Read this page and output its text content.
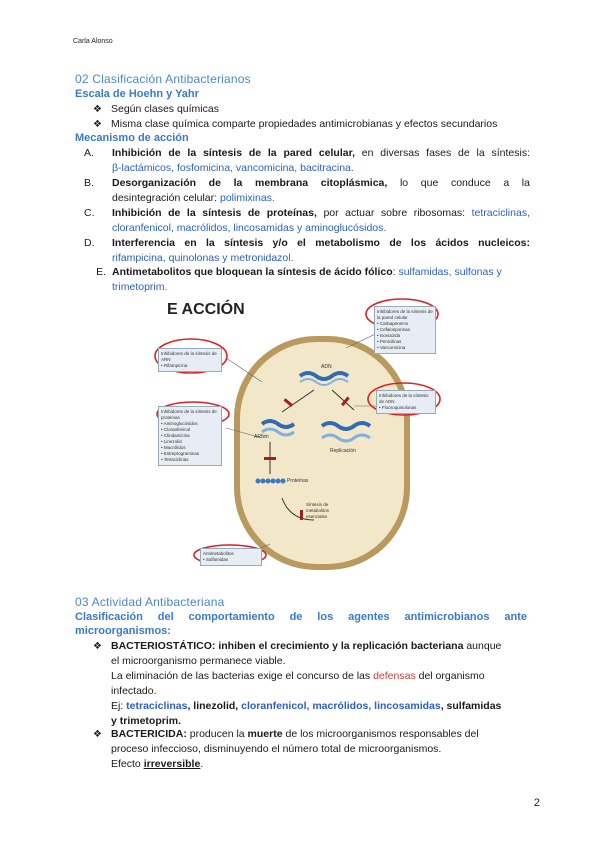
Carla Alonso
02 Clasificación Antibacterianos
Escala de Hoehn y Yahr
❖ Según clases químicas
❖ Misma clase química comparte propiedades antimicrobianas y efectos secundarios
Mecanismo de acción
A. Inhibición de la síntesis de la pared celular, en diversas fases de la síntesis:
β-lactámicos, fosfomicina, vancomicina, bacitracina.
B. Desorganización de la membrana citoplásmica, lo que conduce a la
desintegración celular: polimixinas.
C. Inhibición de la síntesis de proteínas, por actuar sobre ribosomas: tetraciclinas,
cloranfenicol, macrólidos, lincosamidas y aminoglucósidos.
D. Interferencia en la síntesis y/o el metabolismo de los ácidos nucleicos:
rifampicina, quinolonas y metronidazol.
E. Antimetabolitos que bloquean la síntesis de ácido fólico: sulfamidas, sulfonas y
trimetoprim.
E ACCIÓN	Inhibidores de la síntesis de la pared celular
• Carbapenems
• Cefalosporinas
• Isoniazida
• Penicilinas
• Vancomicina
Inhibidores de la síntesis de ARN
• Rifampicina
Inhibidores de la síntesis de ADN
• Fluoroquinolonas
Inhibidores de la síntesis de proteínas
• Aminoglucósidos
• Cloranfenicol
• Clindamicina
• Linezolid
• Macrólidos
• Estreptograminas
• Tetraciclinas
Antimetabolitos
• Sulfamidas
ADN
ARNm
Replicación
Proteínas
Síntesis de metabolitos esenciales
03 Actividad Antibacteriana
Clasificación del comportamiento de los agentes antimicrobianos ante
microorganismos:
❖ BACTERIOSTÁTICO: inhiben el crecimiento y la replicación bacteriana aunque
el microorganismo permanece viable.
La eliminación de las bacterias exige el concurso de las defensas del organismo
infectado.
Ej: tetraciclinas, linezolid, cloranfenicol, macrólidos, lincosamidas, sulfamidas
y trimetoprim.
❖ BACTERICIDA: producen la muerte de los microorganismos responsables del
proceso infeccioso, disminuyendo el número total de microorganismos.
Efecto irreversible.
2
